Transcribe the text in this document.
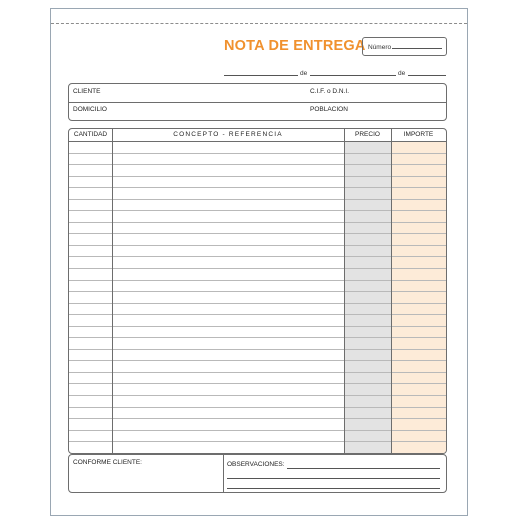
NOTA DE ENTREGA Número
de	de
CLIENTE	C.I.F. o D.N.I.
DOMICILIO	POBLACION
CANTIDAD	CONCEPTO - REFERENCIA	PRECIO	IMPORTE
CONFORME CLIENTE:	OBSERVACIONES:
